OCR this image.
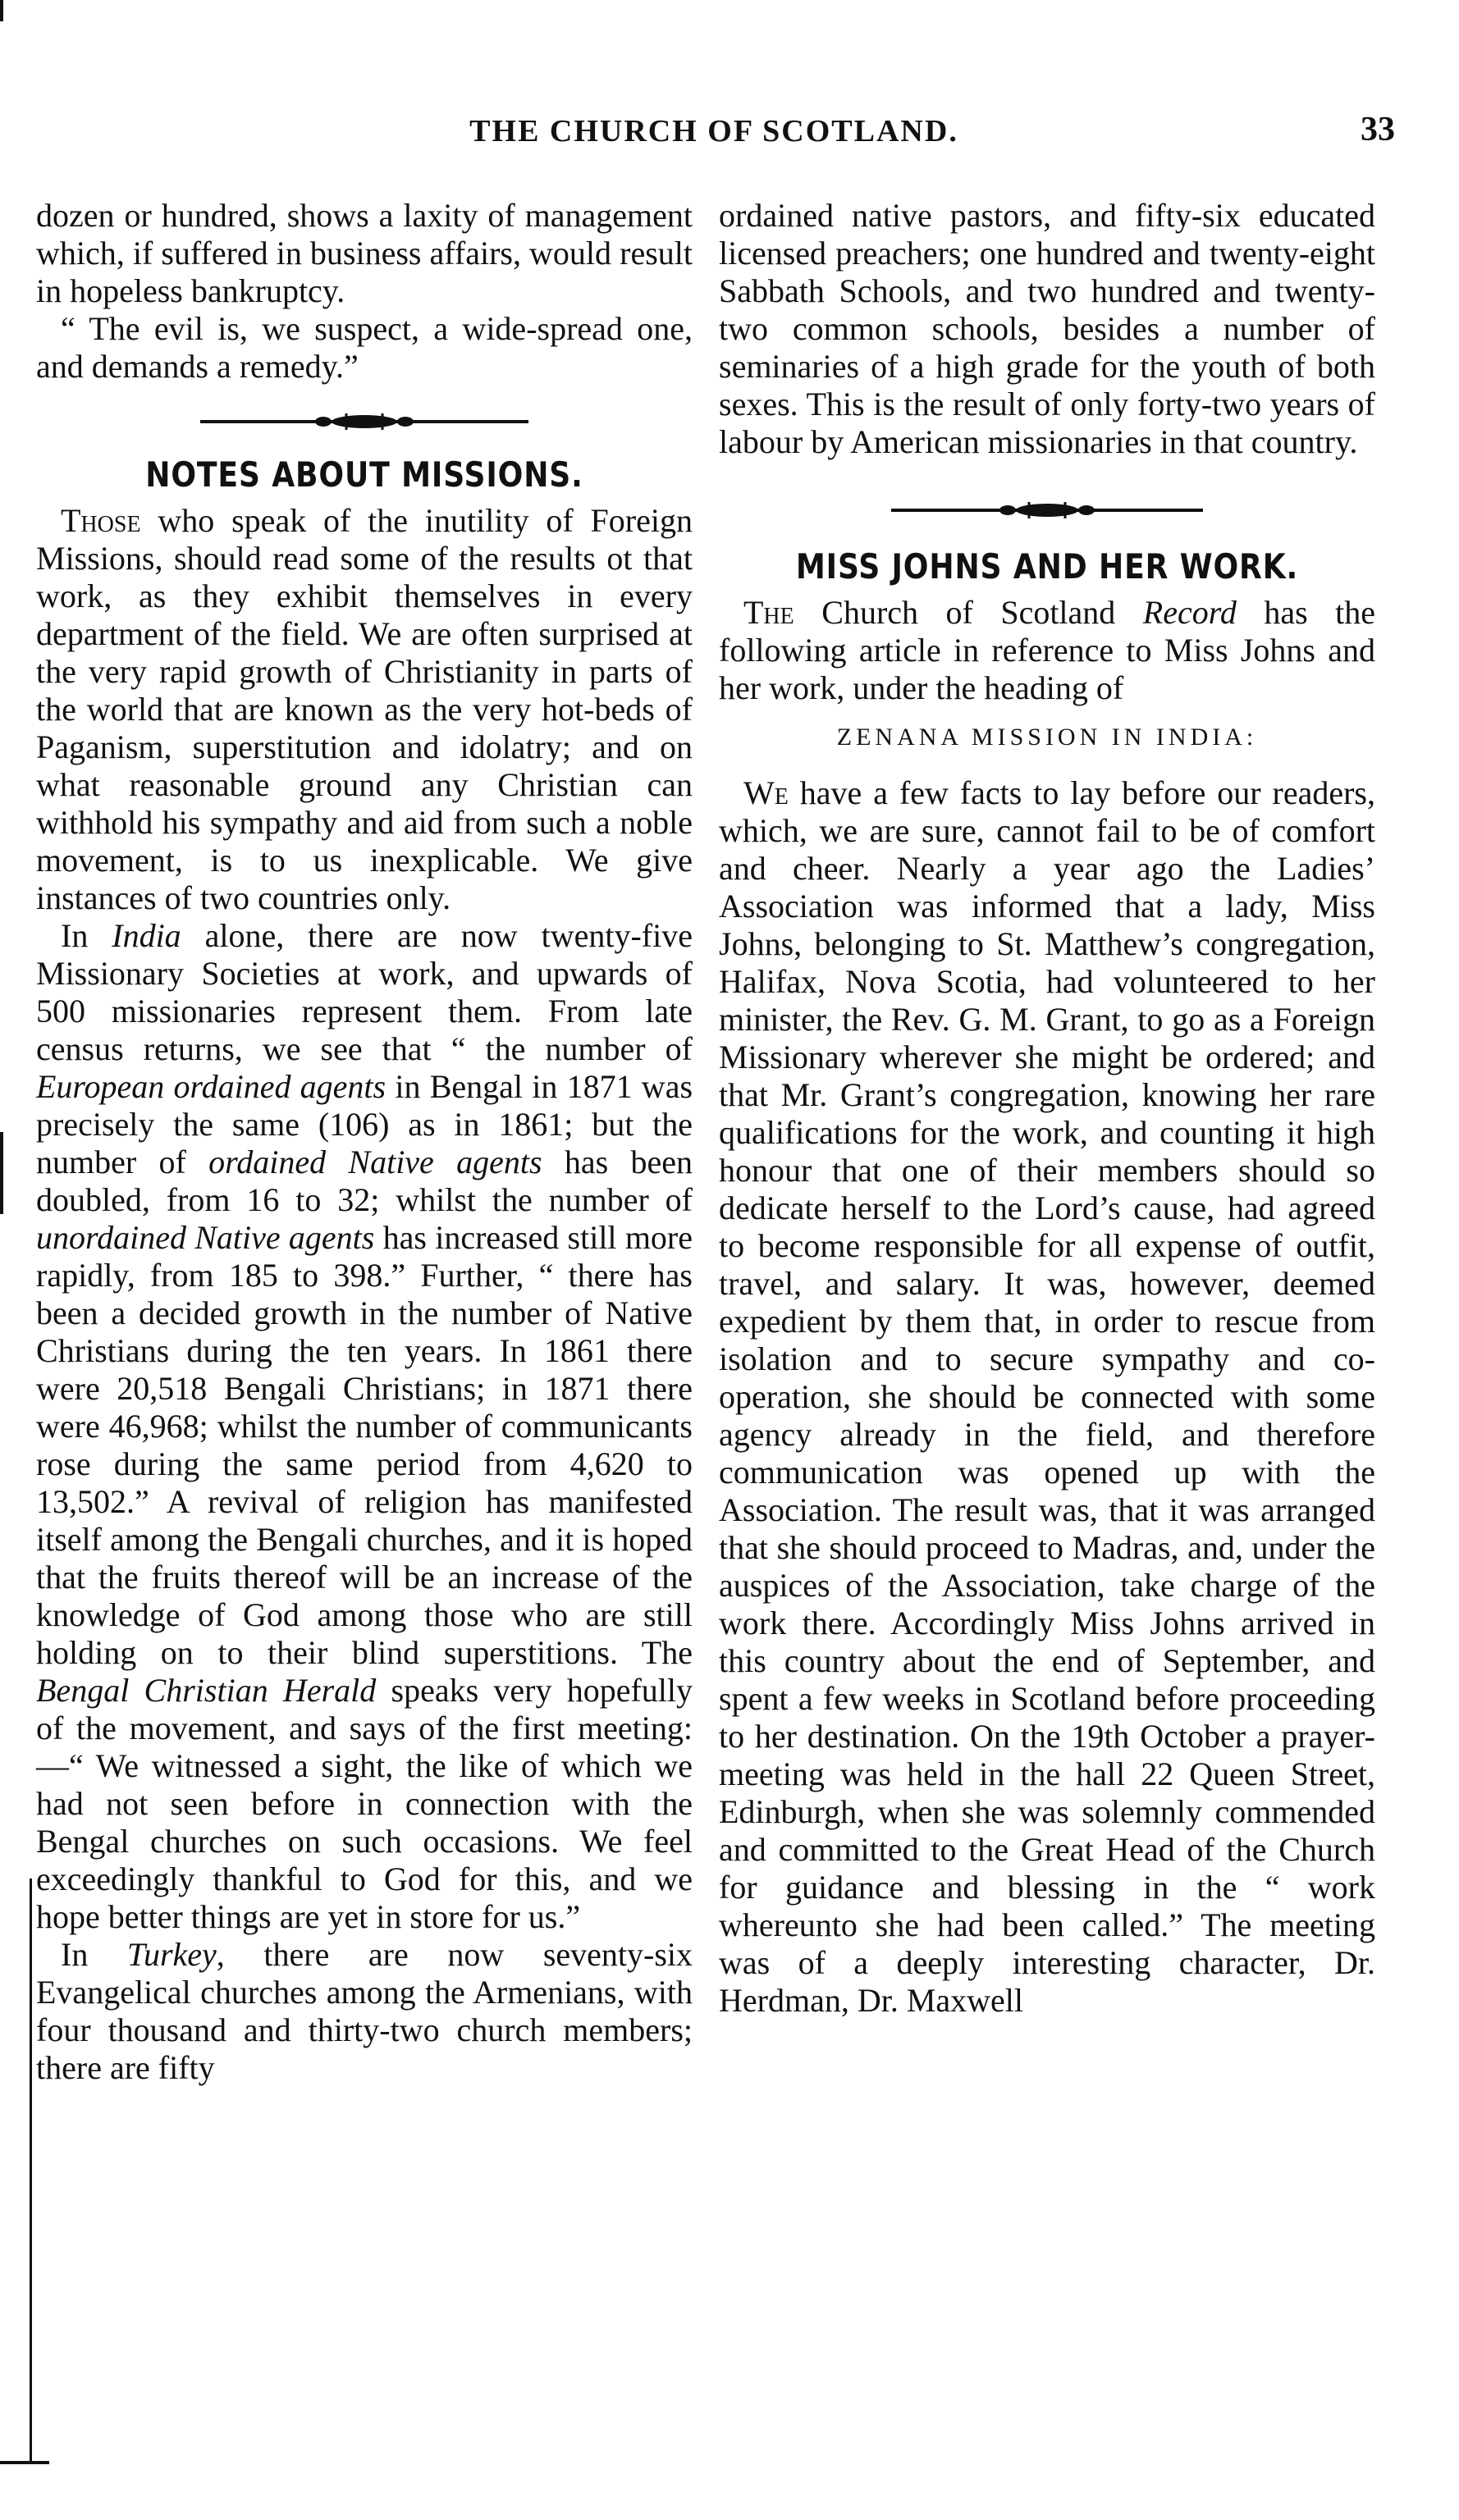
THE CHURCH OF SCOTLAND.	33

dozen or hundred, shows a laxity of management which, if suffered in business affairs, would result in hopeless bankruptcy.

“ The evil is, we suspect, a wide-spread one, and demands a remedy.”

NOTES ABOUT MISSIONS.

Those who speak of the inutility of Foreign Missions, should read some of the results ot that work, as they exhibit themselves in every department of the field. We are often surprised at the very rapid growth of Christianity in parts of the world that are known as the very hot-beds of Paganism, superstitution and idolatry; and on what reasonable ground any Christian can withhold his sympathy and aid from such a noble movement, is to us inexplicable. We give instances of two countries only.

In India alone, there are now twenty-five Missionary Societies at work, and upwards of 500 missionaries represent them. From late census returns, we see that “ the number of European ordained agents in Bengal in 1871 was precisely the same (106) as in 1861; but the number of ordained Native agents has been doubled, from 16 to 32; whilst the number of unordained Native agents has increased still more rapidly, from 185 to 398.” Further, “ there has been a decided growth in the number of Native Christians during the ten years. In 1861 there were 20,518 Bengali Christians; in 1871 there were 46,968; whilst the number of communicants rose during the same period from 4,620 to 13,502.” A revival of religion has manifested itself among the Bengali churches, and it is hoped that the fruits thereof will be an increase of the knowledge of God among those who are still holding on to their blind superstitions. The Bengal Christian Herald speaks very hopefully of the movement, and says of the first meeting:—“ We witnessed a sight, the like of which we had not seen before in connection with the Bengal churches on such occasions. We feel exceedingly thankful to God for this, and we hope better things are yet in store for us.”

In Turkey, there are now seventy-six Evangelical churches among the Armenians, with four thousand and thirty-two church members; there are fifty

ordained native pastors, and fifty-six educated licensed preachers; one hundred and twenty-eight Sabbath Schools, and two hundred and twenty-two common schools, besides a number of seminaries of a high grade for the youth of both sexes. This is the result of only forty-two years of labour by American missionaries in that country.

MISS JOHNS AND HER WORK.

The Church of Scotland Record has the following article in reference to Miss Johns and her work, under the heading of

ZENANA MISSION IN INDIA:

We have a few facts to lay before our readers, which, we are sure, cannot fail to be of comfort and cheer. Nearly a year ago the Ladies’ Association was informed that a lady, Miss Johns, belonging to St. Matthew’s congregation, Halifax, Nova Scotia, had volunteered to her minister, the Rev. G. M. Grant, to go as a Foreign Missionary wherever she might be ordered; and that Mr. Grant’s congregation, knowing her rare qualifications for the work, and counting it high honour that one of their members should so dedicate herself to the Lord’s cause, had agreed to become responsible for all expense of outfit, travel, and salary. It was, however, deemed expedient by them that, in order to rescue from isolation and to secure sympathy and co-operation, she should be connected with some agency already in the field, and therefore communication was opened up with the Association. The result was, that it was arranged that she should proceed to Madras, and, under the auspices of the Association, take charge of the work there. Accordingly Miss Johns arrived in this country about the end of September, and spent a few weeks in Scotland before proceeding to her destination. On the 19th October a prayer-meeting was held in the hall 22 Queen Street, Edinburgh, when she was solemnly commended and committed to the Great Head of the Church for guidance and blessing in the “ work whereunto she had been called.” The meeting was of a deeply interesting character, Dr. Herdman, Dr. Maxwell
